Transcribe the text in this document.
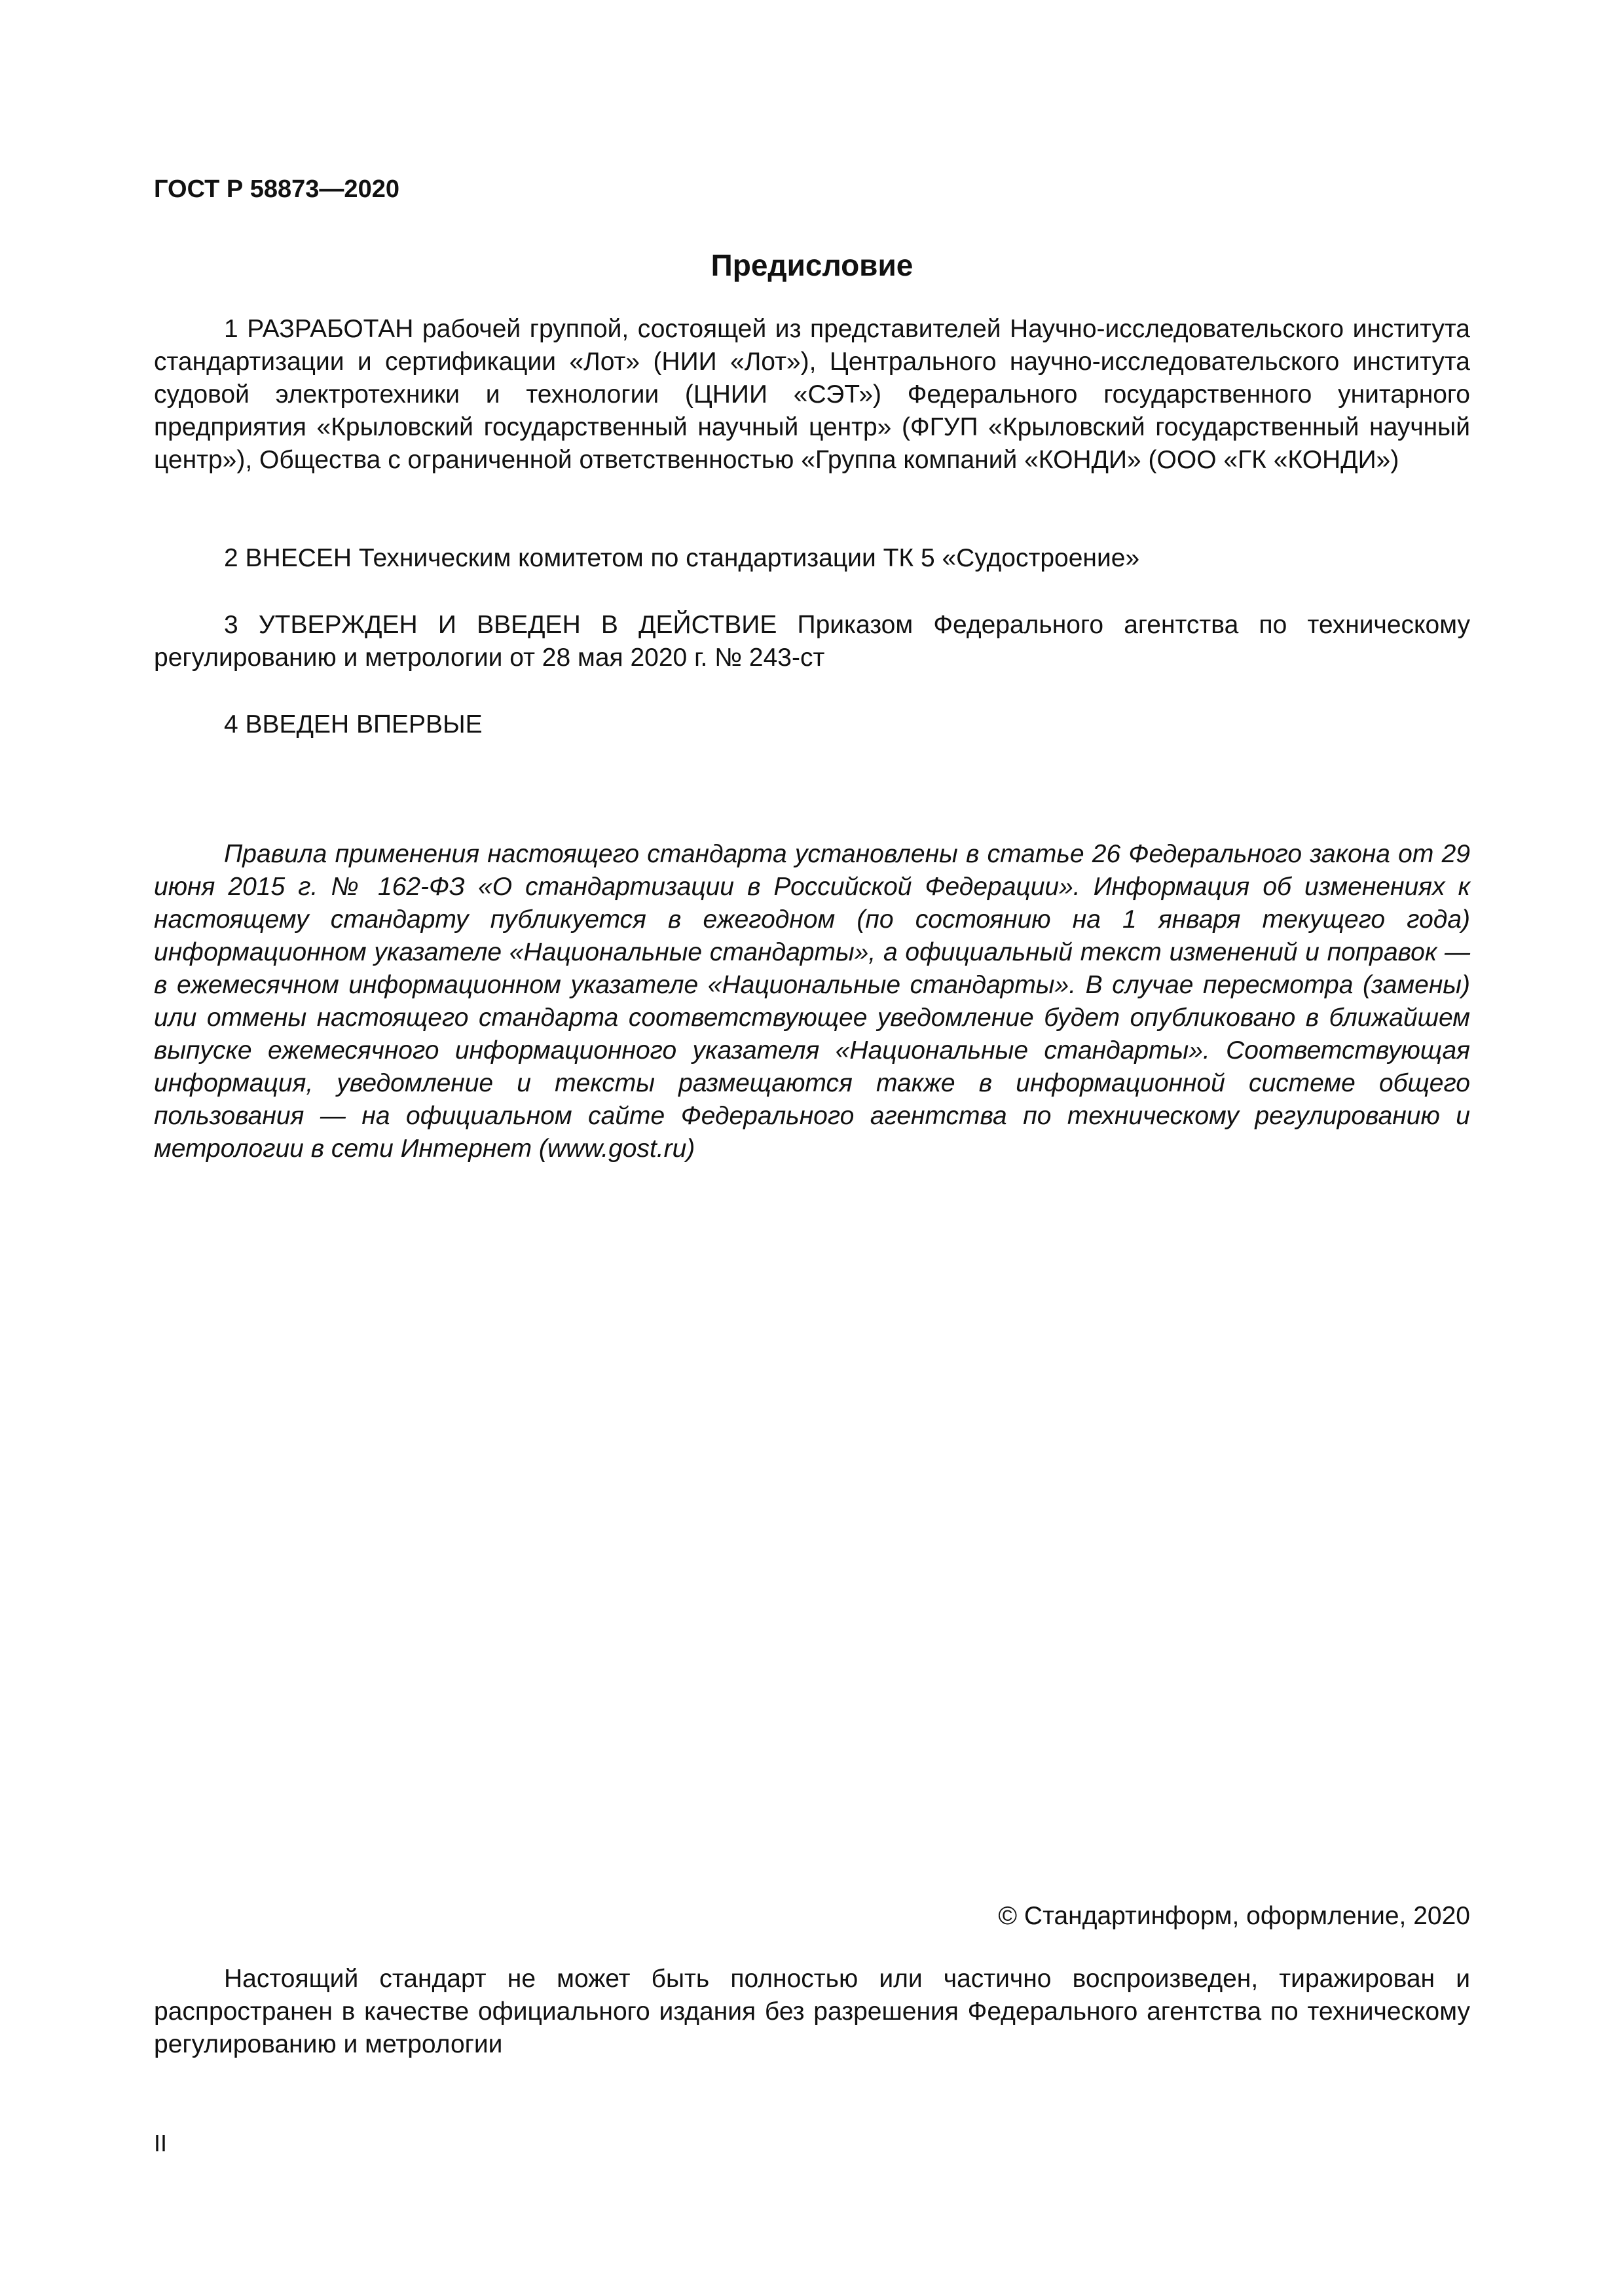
ГОСТ Р 58873—2020
Предисловие

1 РАЗРАБОТАН рабочей группой, состоящей из представителей Научно-исследовательского института стандартизации и сертификации «Лот» (НИИ «Лот»), Центрального научно-исследовательского института судовой электротехники и технологии (ЦНИИ «СЭТ») Федерального государственного унитарного предприятия «Крыловский государственный научный центр» (ФГУП «Крыловский государственный научный центр»), Общества с ограниченной ответственностью «Группа компаний «КОНДИ» (ООО «ГК «КОНДИ»)

2 ВНЕСЕН Техническим комитетом по стандартизации ТК 5 «Судостроение»

3 УТВЕРЖДЕН И ВВЕДЕН В ДЕЙСТВИЕ Приказом Федерального агентства по техническому регулированию и метрологии от 28 мая 2020 г. № 243-ст

4 ВВЕДЕН ВПЕРВЫЕ

Правила применения настоящего стандарта установлены в статье 26 Федерального закона от 29 июня 2015 г. № 162-ФЗ «О стандартизации в Российской Федерации». Информация об изменениях к настоящему стандарту публикуется в ежегодном (по состоянию на 1 января текущего года) информационном указателе «Национальные стандарты», а официальный текст изменений и поправок — в ежемесячном информационном указателе «Национальные стандарты». В случае пересмотра (замены) или отмены настоящего стандарта соответствующее уведомление будет опубликовано в ближайшем выпуске ежемесячного информационного указателя «Национальные стандарты». Соответствующая информация, уведомление и тексты размещаются также в информационной системе общего пользования — на официальном сайте Федерального агентства по техническому регулированию и метрологии в сети Интернет (www.gost.ru)

© Стандартинформ, оформление, 2020

Настоящий стандарт не может быть полностью или частично воспроизведен, тиражирован и распространен в качестве официального издания без разрешения Федерального агентства по техническому регулированию и метрологии

II
